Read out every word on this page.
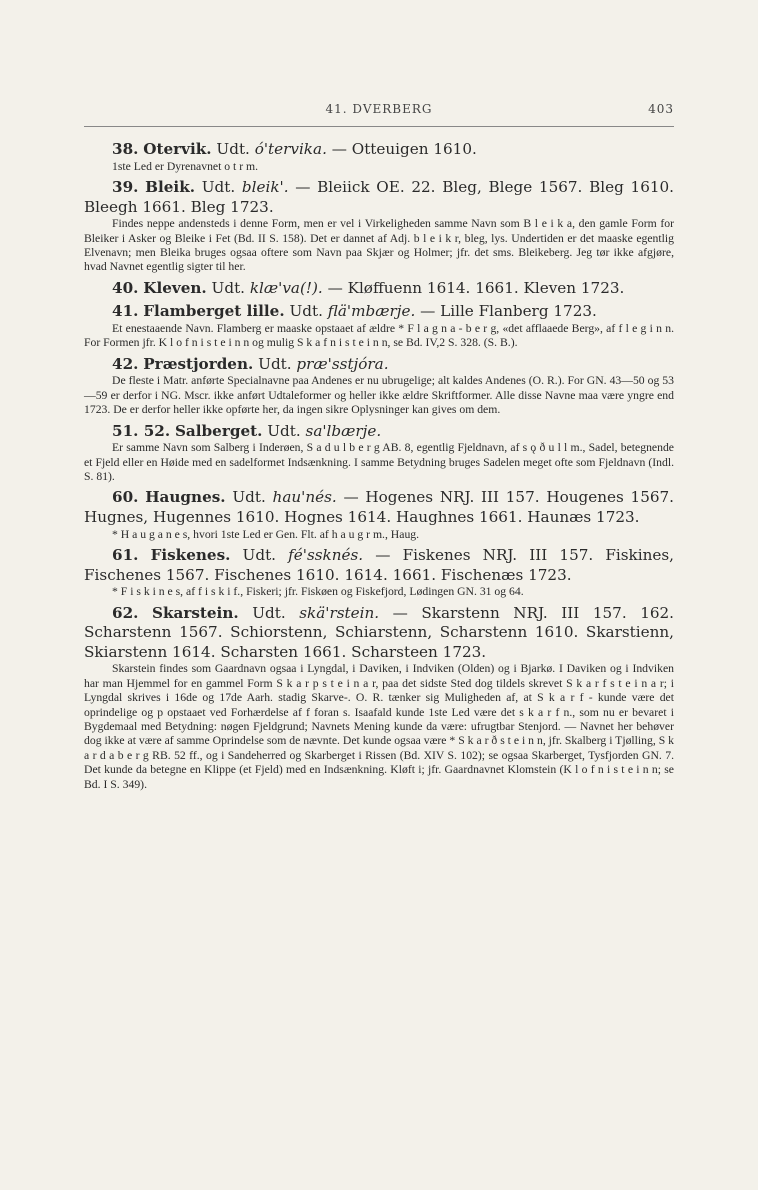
41. DVERBERG	403

38. Otervik. Udt. ó'tervika. — Otteuigen 1610.

1ste Led er Dyrenavnet o t r m.

39. Bleik. Udt. bleik'. — Bleiick OE. 22. Bleg, Blege 1567. Bleg 1610. Bleegh 1661. Bleg 1723.

Findes neppe andensteds i denne Form, men er vel i Virkeligheden samme Navn som B l e i k a, den gamle Form for Bleiker i Asker og Bleike i Fet (Bd. II S. 158). Det er dannet af Adj. b l e i k r, bleg, lys. Undertiden er det maaske egentlig Elvenavn; men Bleika bruges ogsaa oftere som Navn paa Skjær og Holmer; jfr. det sms. Bleikeberg. Jeg tør ikke afgjøre, hvad Navnet egentlig sigter til her.

40. Kleven. Udt. klæ'va(!). — Kløffuenn 1614. 1661. Kleven 1723.

41. Flamberget lille. Udt. flä'mbærje. — Lille Flanberg 1723.

Et enestaaende Navn. Flamberg er maaske opstaaet af ældre * F l a g n a - b e r g, «det afflaaede Berg», af f l e g i n n. For Formen jfr. K l o f n i s t e i n n og mulig S k a f n i s t e i n n, se Bd. IV,2 S. 328. (S. B.).

42. Præstjorden. Udt. præ'sstjóra.

De fleste i Matr. anførte Specialnavne paa Andenes er nu ubrugelige; alt kaldes Andenes (O. R.). For GN. 43—50 og 53—59 er derfor i NG. Mscr. ikke anført Udtaleformer og heller ikke ældre Skriftformer. Alle disse Navne maa være yngre end 1723. De er derfor heller ikke opførte her, da ingen sikre Oplysninger kan gives om dem.

51. 52. Salberget. Udt. sa'lbærje.

Er samme Navn som Salberg i Inderøen, S a d u l b e r g AB. 8, egentlig Fjeldnavn, af s ǫ ð u l l m., Sadel, betegnende et Fjeld eller en Høide med en sadelformet Indsænkning. I samme Betydning bruges Sadelen meget ofte som Fjeldnavn (Indl. S. 81).

60. Haugnes. Udt. hau'nés. — Hogenes NRJ. III 157. Hougenes 1567. Hugnes, Hugennes 1610. Hognes 1614. Haughnes 1661. Haunæs 1723.

* H a u g a n e s, hvori 1ste Led er Gen. Flt. af h a u g r m., Haug.

61. Fiskenes. Udt. fé'ssknés. — Fiskenes NRJ. III 157. Fiskines, Fischenes 1567. Fischenes 1610. 1614. 1661. Fischenæs 1723.

* F i s k i n e s, af f i s k i f., Fiskeri; jfr. Fiskøen og Fiskefjord, Lødingen GN. 31 og 64.

62. Skarstein. Udt. skä'rstein. — Skarstenn NRJ. III 157. 162. Scharstenn 1567. Schiorstenn, Schiarstenn, Scharstenn 1610. Skarstienn, Skiarstenn 1614. Scharsten 1661. Scharsteen 1723.

Skarstein findes som Gaardnavn ogsaa i Lyngdal, i Daviken, i Indviken (Olden) og i Bjarkø. I Daviken og i Indviken har man Hjemmel for en gammel Form S k a r p s t e i n a r, paa det sidste Sted dog tildels skrevet S k a r f s t e i n a r; i Lyngdal skrives i 16de og 17de Aarh. stadig Skarve-. O. R. tænker sig Muligheden af, at S k a r f - kunde være det oprindelige og p opstaaet ved Forhærdelse af f foran s. Isaafald kunde 1ste Led være det s k a r f n., som nu er bevaret i Bygdemaal med Betydning: nøgen Fjeldgrund; Navnets Mening kunde da være: ufrugtbar Stenjord. — Navnet her behøver dog ikke at være af samme Oprindelse som de nævnte. Det kunde ogsaa være * S k a r ð s t e i n n, jfr. Skalberg i Tjølling, S k a r d a b e r g RB. 52 ff., og i Sandeherred og Skarberget i Rissen (Bd. XIV S. 102); se ogsaa Skarberget, Tysfjorden GN. 7. Det kunde da betegne en Klippe (et Fjeld) med en Indsænkning. Kløft i; jfr. Gaardnavnet Klomstein (K l o f n i s t e i n n; se Bd. I S. 349).
